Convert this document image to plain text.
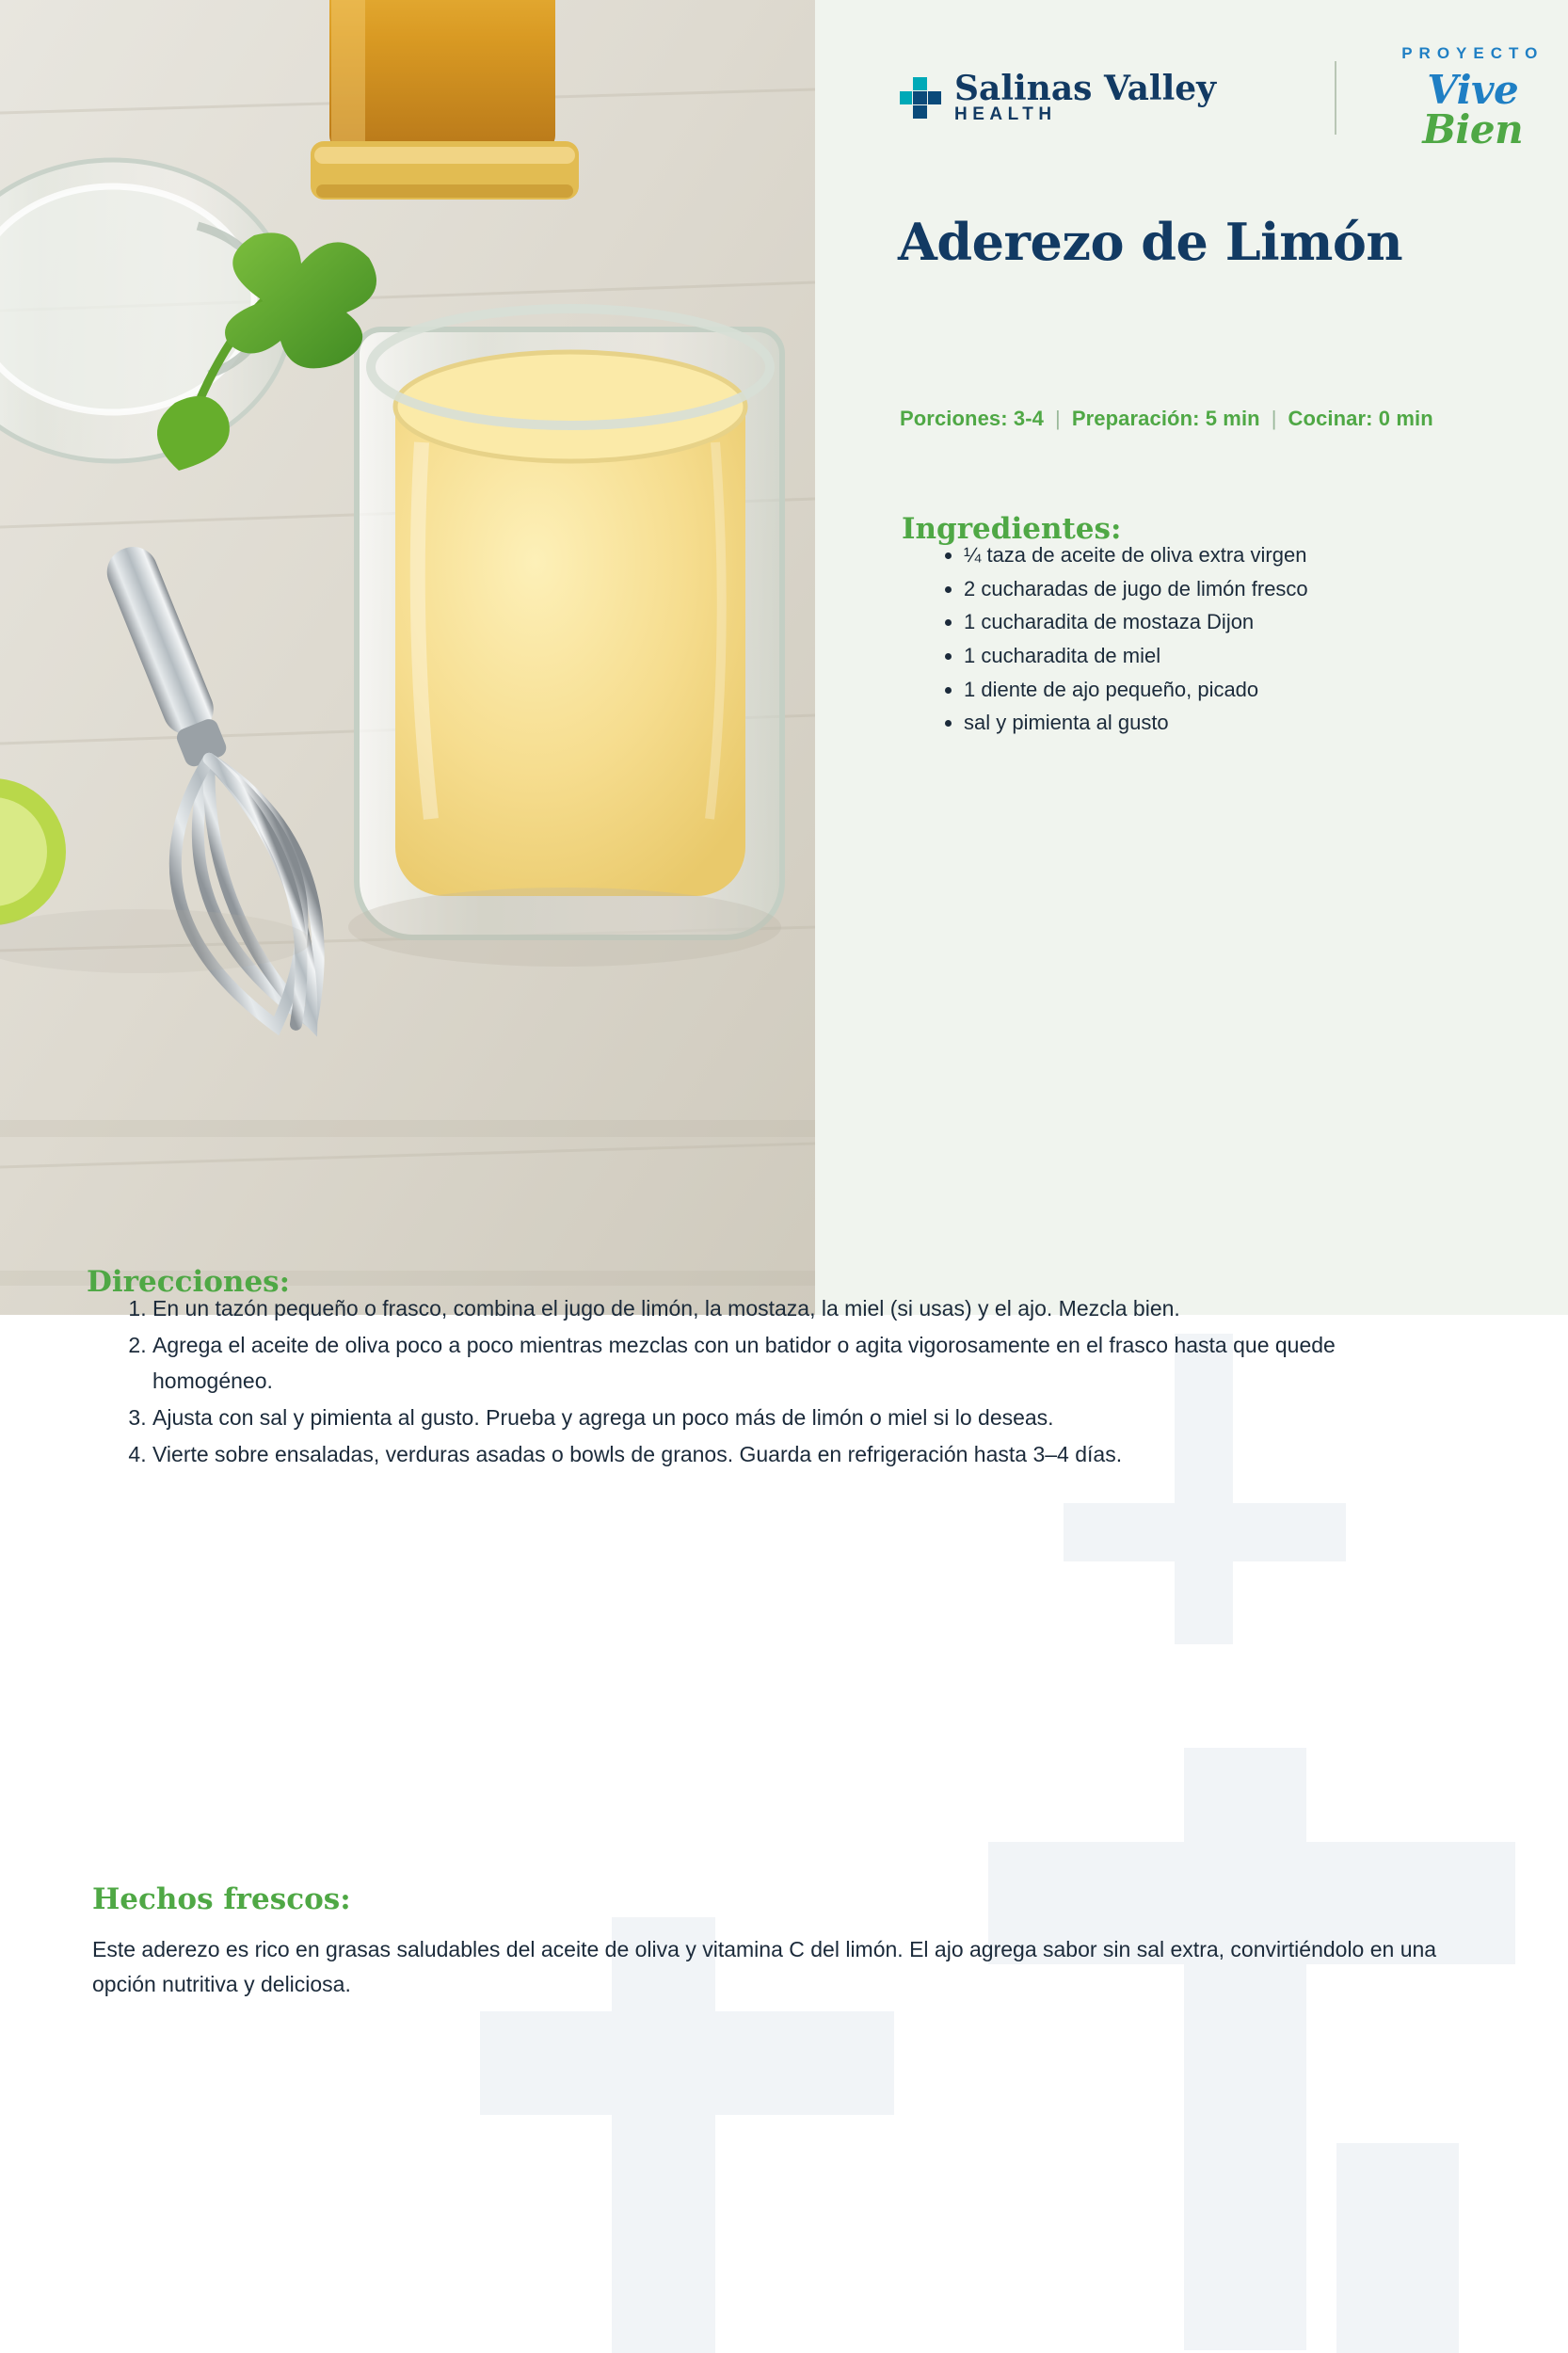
Salinas Valley HEALTH
PROYECTO
Vive Bien
Aderezo de Limón
Porciones: 3-4 | Preparación: 5 min | Cocinar: 0 min
Ingredientes:
• ¼ taza de aceite de oliva extra virgen
• 2 cucharadas de jugo de limón fresco
• 1 cucharadita de mostaza Dijon
• 1 cucharadita de miel
• 1 diente de ajo pequeño, picado
• sal y pimienta al gusto
Direcciones:
1. En un tazón pequeño o frasco, combina el jugo de limón, la mostaza, la miel (si usas) y el ajo. Mezcla bien.
2. Agrega el aceite de oliva poco a poco mientras mezclas con un batidor o agita vigorosamente en el frasco hasta que quede homogéneo.
3. Ajusta con sal y pimienta al gusto. Prueba y agrega un poco más de limón o miel si lo deseas.
4. Vierte sobre ensaladas, verduras asadas o bowls de granos. Guarda en refrigeración hasta 3–4 días.
Hechos frescos:

Este aderezo es rico en grasas saludables del aceite de oliva y vitamina C del limón. El ajo agrega sabor sin sal extra, convirtiéndolo en una opción nutritiva y deliciosa.
